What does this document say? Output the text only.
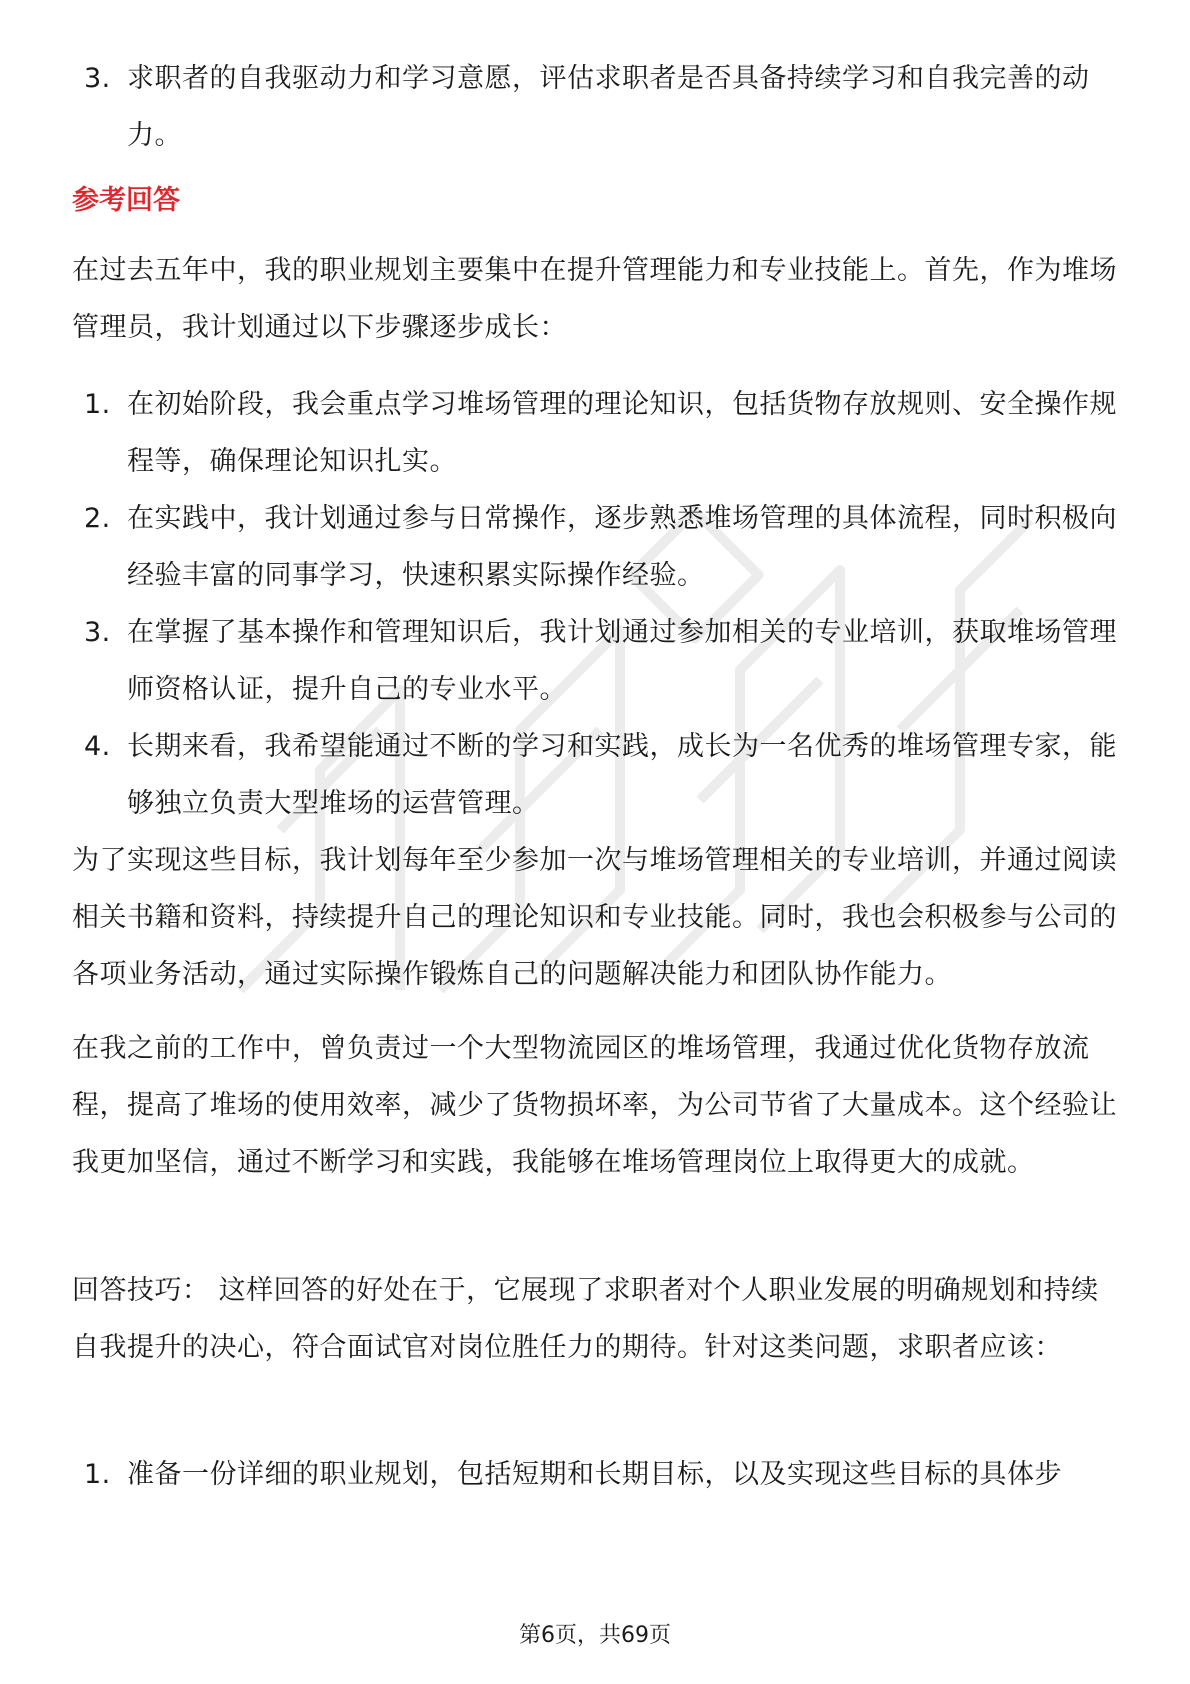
3. 求职者的自我驱动力和学习意愿，评估求职者是否具备持续学习和自我完善的动力。

参考回答

在过去五年中，我的职业规划主要集中在提升管理能力和专业技能上。首先，作为堆场管理员，我计划通过以下步骤逐步成长：

1. 在初始阶段，我会重点学习堆场管理的理论知识，包括货物存放规则、安全操作规程等，确保理论知识扎实。
2. 在实践中，我计划通过参与日常操作，逐步熟悉堆场管理的具体流程，同时积极向经验丰富的同事学习，快速积累实际操作经验。
3. 在掌握了基本操作和管理知识后，我计划通过参加相关的专业培训，获取堆场管理师资格认证，提升自己的专业水平。
4. 长期来看，我希望能通过不断的学习和实践，成长为一名优秀的堆场管理专家，能够独立负责大型堆场的运营管理。

为了实现这些目标，我计划每年至少参加一次与堆场管理相关的专业培训，并通过阅读相关书籍和资料，持续提升自己的理论知识和专业技能。同时，我也会积极参与公司的各项业务活动，通过实际操作锻炼自己的问题解决能力和团队协作能力。

在我之前的工作中，曾负责过一个大型物流园区的堆场管理，我通过优化货物存放流程，提高了堆场的使用效率，减少了货物损坏率，为公司节省了大量成本。这个经验让我更加坚信，通过不断学习和实践，我能够在堆场管理岗位上取得更大的成就。

回答技巧： 这样回答的好处在于，它展现了求职者对个人职业发展的明确规划和持续自我提升的决心，符合面试官对岗位胜任力的期待。针对这类问题，求职者应该：

1. 准备一份详细的职业规划，包括短期和长期目标，以及实现这些目标的具体步
第6页，共69页
